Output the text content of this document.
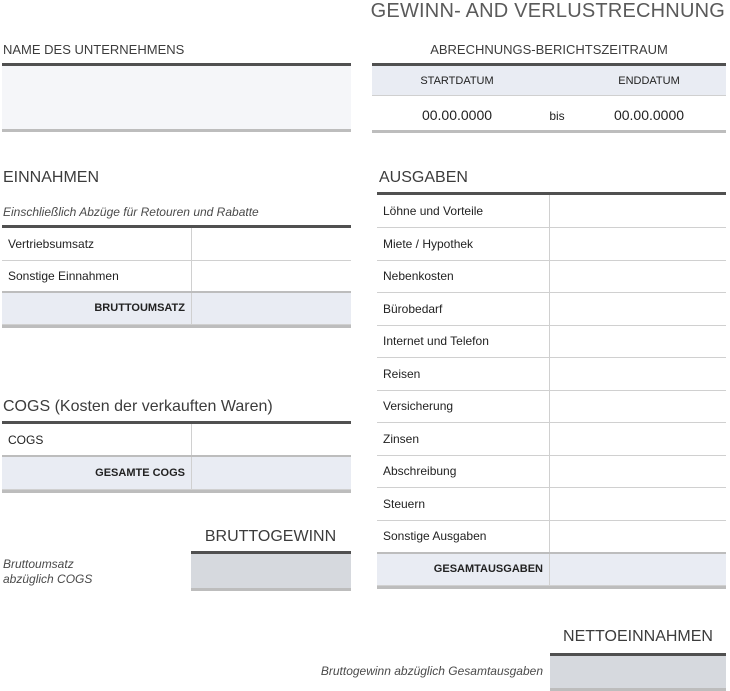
GEWINN- AND VERLUSTRECHNUNG
NAME DES UNTERNEHMENS	ABRECHNUNGS-BERICHTSZEITRAUM
STARTDATUM	ENDDATUM
00.00.0000	bis	00.00.0000
EINNAHMEN
Einschließlich Abzüge für Retouren und Rabatte
Vertriebsumsatz	
Sonstige Einnahmen	
BRUTTOUMSATZ	
COGS (Kosten der verkauften Waren)
COGS	
GESAMTE COGS	
BRUTTOGEWINN
Bruttoumsatz
abzüglich COGS
AUSGABEN
Löhne und Vorteile	
Miete / Hypothek	
Nebenkosten	
Bürobedarf	
Internet und Telefon	
Reisen	
Versicherung	
Zinsen	
Abschreibung	
Steuern	
Sonstige Ausgaben	
GESAMTAUSGABEN	
NETTOEINNAHMEN
Bruttogewinn abzüglich Gesamtausgaben
